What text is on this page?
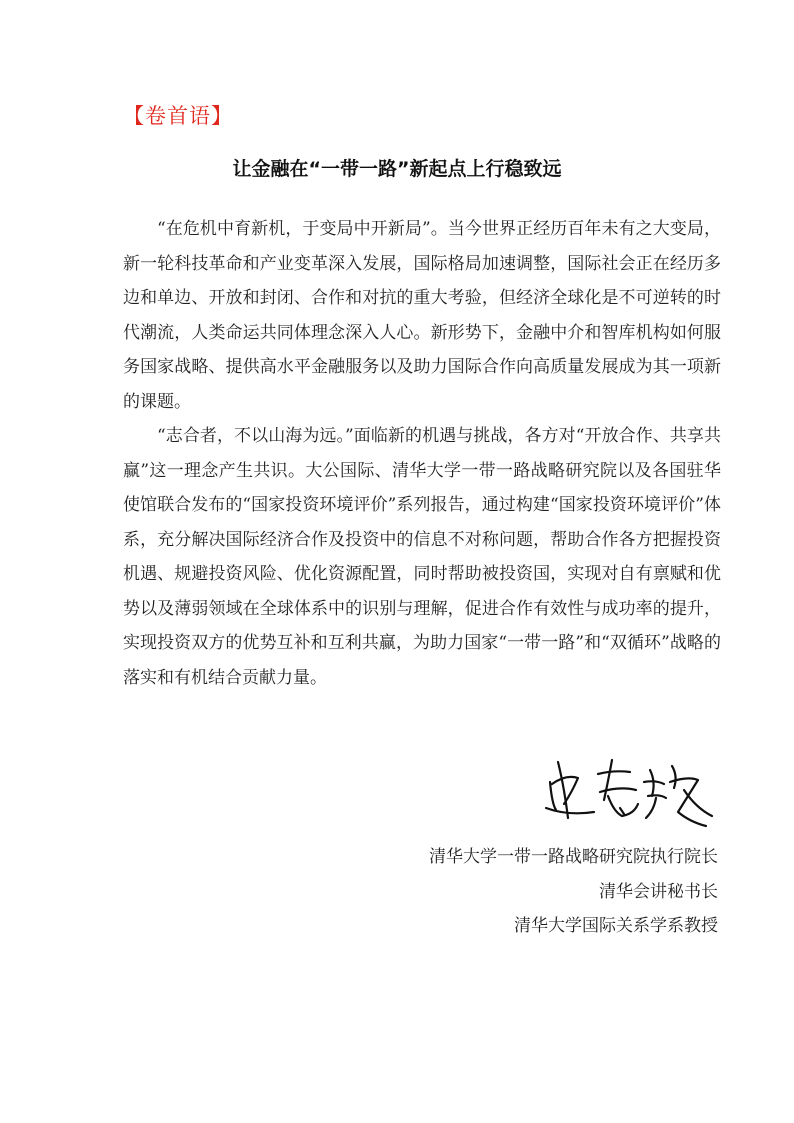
【卷首语】
让金融在“一带一路”新起点上行稳致远

“在危机中育新机，于变局中开新局”。当今世界正经历百年未有之大变局，新一轮科技革命和产业变革深入发展，国际格局加速调整，国际社会正在经历多边和单边、开放和封闭、合作和对抗的重大考验，但经济全球化是不可逆转的时代潮流，人类命运共同体理念深入人心。新形势下，金融中介和智库机构如何服务国家战略、提供高水平金融服务以及助力国际合作向高质量发展成为其一项新的课题。

“志合者，不以山海为远。”面临新的机遇与挑战，各方对“开放合作、共享共赢”这一理念产生共识。大公国际、清华大学一带一路战略研究院以及各国驻华使馆联合发布的“国家投资环境评价”系列报告，通过构建“国家投资环境评价”体系，充分解决国际经济合作及投资中的信息不对称问题，帮助合作各方把握投资机遇、规避投资风险、优化资源配置，同时帮助被投资国，实现对自有禀赋和优势以及薄弱领域在全球体系中的识别与理解，促进合作有效性与成功率的提升，实现投资双方的优势互补和互利共赢，为助力国家“一带一路”和“双循环”战略的落实和有机结合贡献力量。

清华大学一带一路战略研究院执行院长
清华会讲秘书长
清华大学国际关系学系教授
